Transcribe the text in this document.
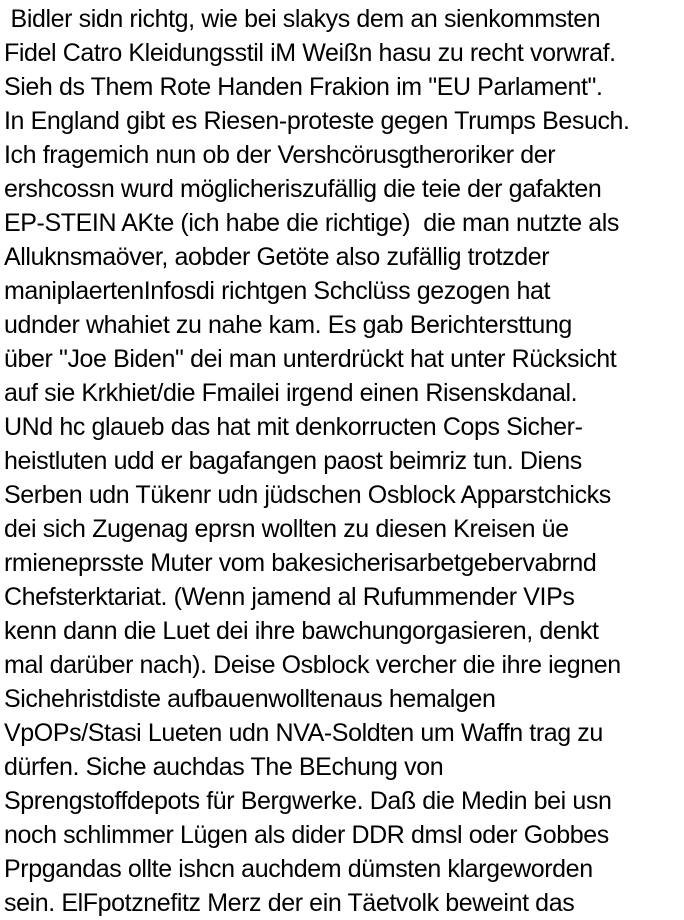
Bidler sidn richtg, wie bei slakys dem an sienkommsten
Fidel Catro Kleidungsstil iM Weißn hasu zu recht vorwraf.
Sieh ds Them Rote Handen Frakion im "EU Parlament".
In England gibt es Riesen-proteste gegen Trumps Besuch.
Ich fragemich nun ob der Vershcörusgtheroriker der
ershcossn wurd möglicheriszufällig die teie der gafakten
EP-STEIN AKte (ich habe die richtige)  die man nutzte als
Alluknsmaöver, aobder Getöte also zufällig trotzder
maniplaertenInfosdi richtgen Schclüss gezogen hat
udnder whahiet zu nahe kam. Es gab Berichtersttung
über "Joe Biden" dei man unterdrückt hat unter Rücksicht
auf sie Krkhiet/die Fmailei irgend einen Risenskdanal.
UNd hc glaueb das hat mit denkorructen Cops Sicher-
heistluten udd er bagafangen paost beimriz tun. Diens
Serben udn Tükenr udn jüdschen Osblock Apparstchicks
dei sich Zugenag eprsn wollten zu diesen Kreisen üe
rmieneprsste Muter vom bakesicherisarbetgebervabrnd
Chefsterktariat. (Wenn jamend al Rufummender VIPs
kenn dann die Luet dei ihre bawchungorgasieren, denkt
mal darüber nach). Deise Osblock vercher die ihre iegnen
Sichehristdiste aufbauenwolltenaus hemalgen
VpOPs/Stasi Lueten udn NVA-Soldten um Waffn trag zu
dürfen. Siche auchdas The BEchung von
Sprengstoffdepots für Bergwerke. Daß die Medin bei usn
noch schlimmer Lügen als dider DDR dmsl oder Gobbes
Prpgandas ollte ishcn auchdem dümsten klargeworden
sein. ElFpotznefitz Merz der ein Täetvolk beweint das
